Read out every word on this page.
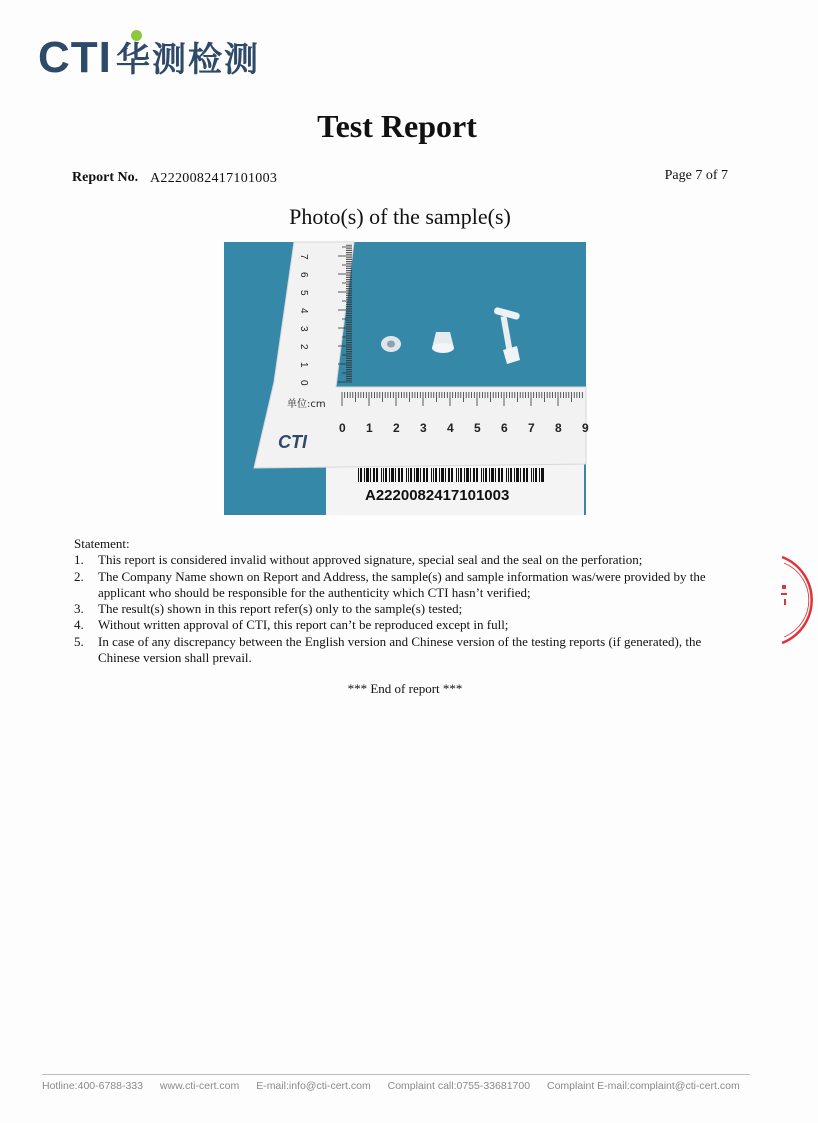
CTI 华测检测
Test Report
Report No. A2220082417101003	Page 7 of 7
Photo(s) of the sample(s)
A2220082417101003
0
1
2
3
4
5
6
7
0 1 2 3 4 5 6 7 8 9
单位:cm
CTI
Statement:
1. This report is considered invalid without approved signature, special seal and the seal on the perforation;
2. The Company Name shown on Report and Address, the sample(s) and sample information was/were provided by the applicant who should be responsible for the authenticity which CTI hasn’t verified;
3. The result(s) shown in this report refer(s) only to the sample(s) tested;
4. Without written approval of CTI, this report can’t be reproduced except in full;
5. In case of any discrepancy between the English version and Chinese version of the testing reports (if generated), the Chinese version shall prevail.
*** End of report ***
Hotline:400-6788-333 www.cti-cert.com E-mail:info@cti-cert.com Complaint call:0755-33681700 Complaint E-mail:complaint@cti-cert.com
